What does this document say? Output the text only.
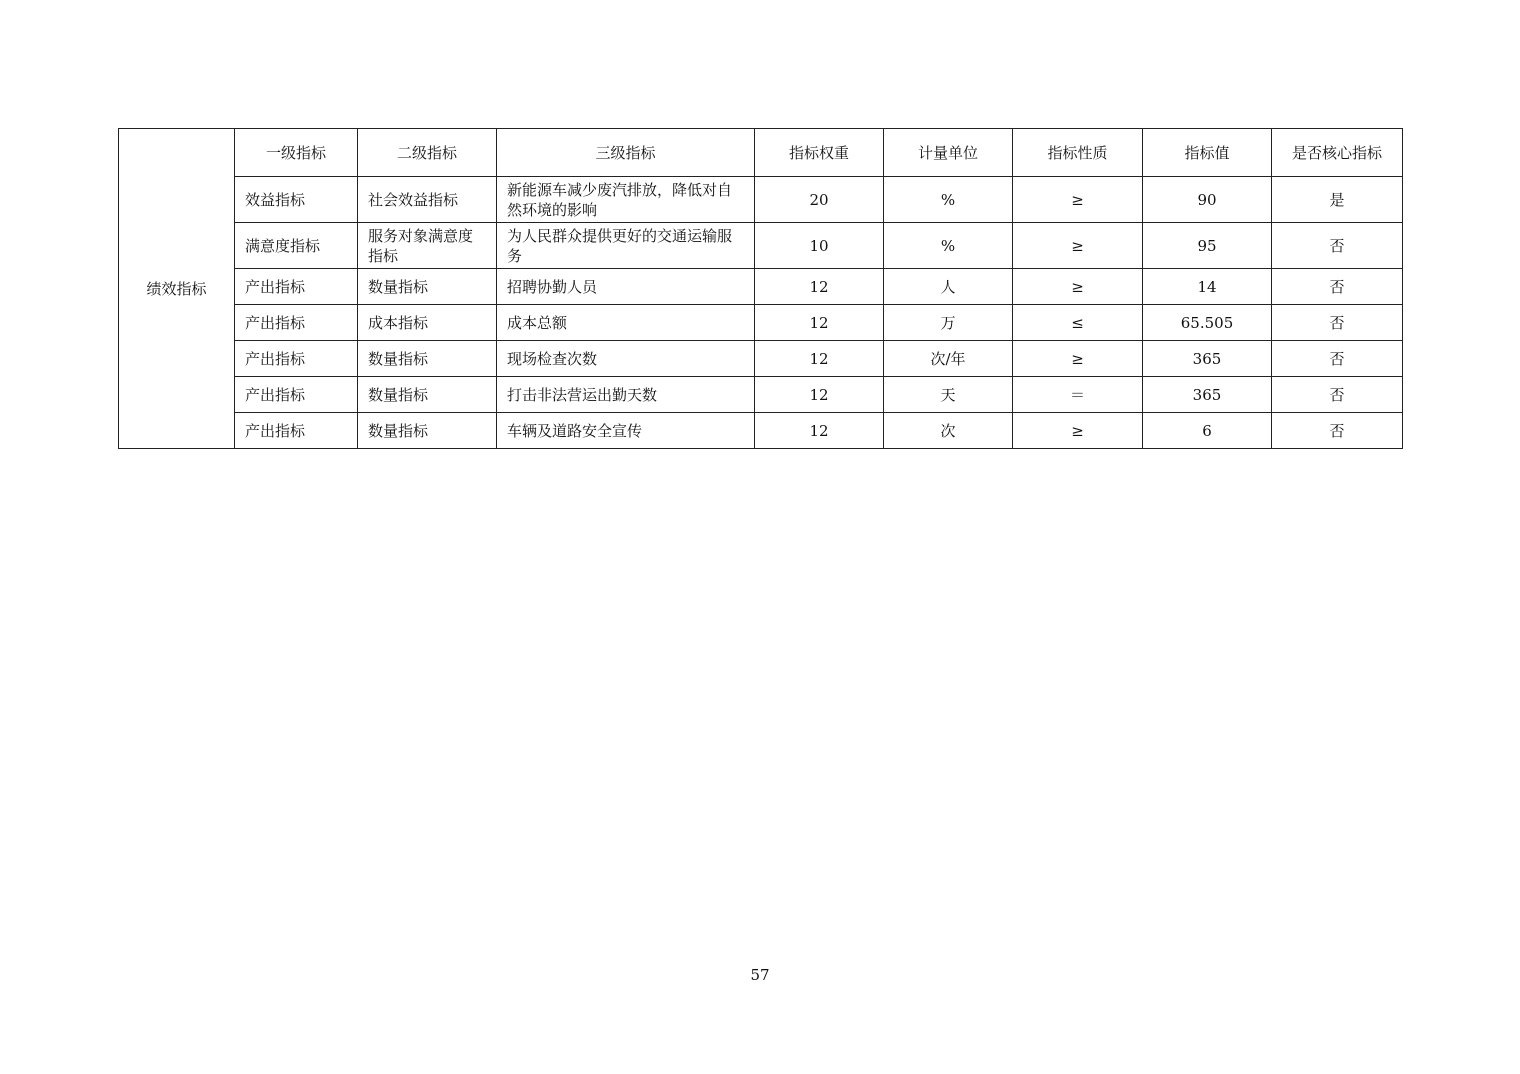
绩效指标	一级指标	二级指标	三级指标	指标权重	计量单位	指标性质	指标值	是否核心指标
	效益指标	社会效益指标	新能源车减少废汽排放，降低对自然环境的影响	20	%	≥	90	是
	满意度指标	服务对象满意度指标	为人民群众提供更好的交通运输服务	10	%	≥	95	否
	产出指标	数量指标	招聘协勤人员	12	人	≥	14	否
	产出指标	成本指标	成本总额	12	万	≤	65.505	否
	产出指标	数量指标	现场检查次数	12	次/年	≥	365	否
	产出指标	数量指标	打击非法营运出勤天数	12	天	＝	365	否
	产出指标	数量指标	车辆及道路安全宣传	12	次	≥	6	否
57
